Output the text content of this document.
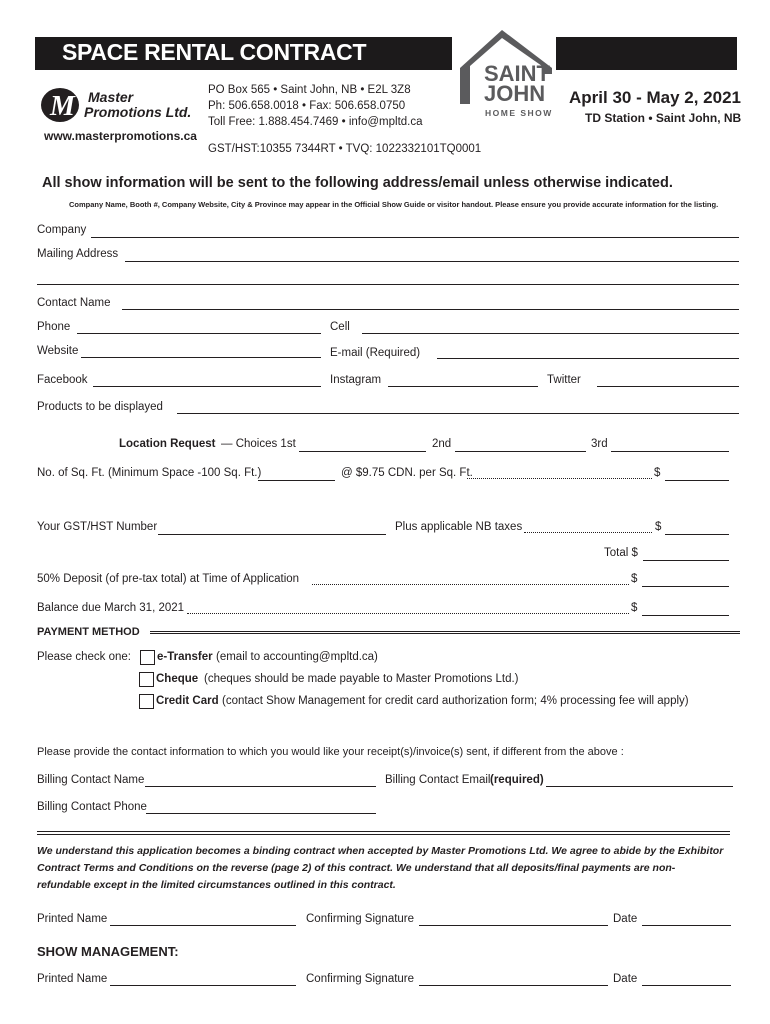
SPACE RENTAL CONTRACT
M Master
Promotions Ltd.
www.masterpromotions.ca
PO Box 565 • Saint John, NB • E2L 3Z8
Ph: 506.658.0018 • Fax: 506.658.0750
Toll Free: 1.888.454.7469 • info@mpltd.ca
GST/HST:10355 7344RT • TVQ: 1022332101TQ0001
SAINT
JOHN
HOME SHOW
April 30 - May 2, 2021
TD Station • Saint John, NB
All show information will be sent to the following address/email unless otherwise indicated.
Company Name, Booth #, Company Website, City & Province may appear in the Official Show Guide or visitor handout. Please ensure you provide accurate information for the listing.
Company
Mailing Address
Contact Name
Phone	Cell
Website	E-mail (Required)
Facebook	Instagram	Twitter
Products to be displayed
Location Request — Choices 1st	2nd	3rd
No. of Sq. Ft. (Minimum Space -100 Sq. Ft.)	@ $9.75 CDN. per Sq. Ft.	$
Your GST/HST Number	Plus applicable NB taxes	$
Total $
50% Deposit (of pre-tax total) at Time of Application	$
Balance due March 31, 2021	$
PAYMENT METHOD
Please check one: e-Transfer (email to accounting@mpltd.ca)
Cheque (cheques should be made payable to Master Promotions Ltd.)
Credit Card (contact Show Management for credit card authorization form; 4% processing fee will apply)
Please provide the contact information to which you would like your receipt(s)/invoice(s) sent, if different from the above :
Billing Contact Name	Billing Contact Email (required)
Billing Contact Phone
We understand this application becomes a binding contract when accepted by Master Promotions Ltd. We agree to abide by the Exhibitor Contract Terms and Conditions on the reverse (page 2) of this contract. We understand that all deposits/final payments are non-refundable except in the limited circumstances outlined in this contract.
Printed Name	Confirming Signature	Date
SHOW MANAGEMENT:
Printed Name	Confirming Signature	Date
